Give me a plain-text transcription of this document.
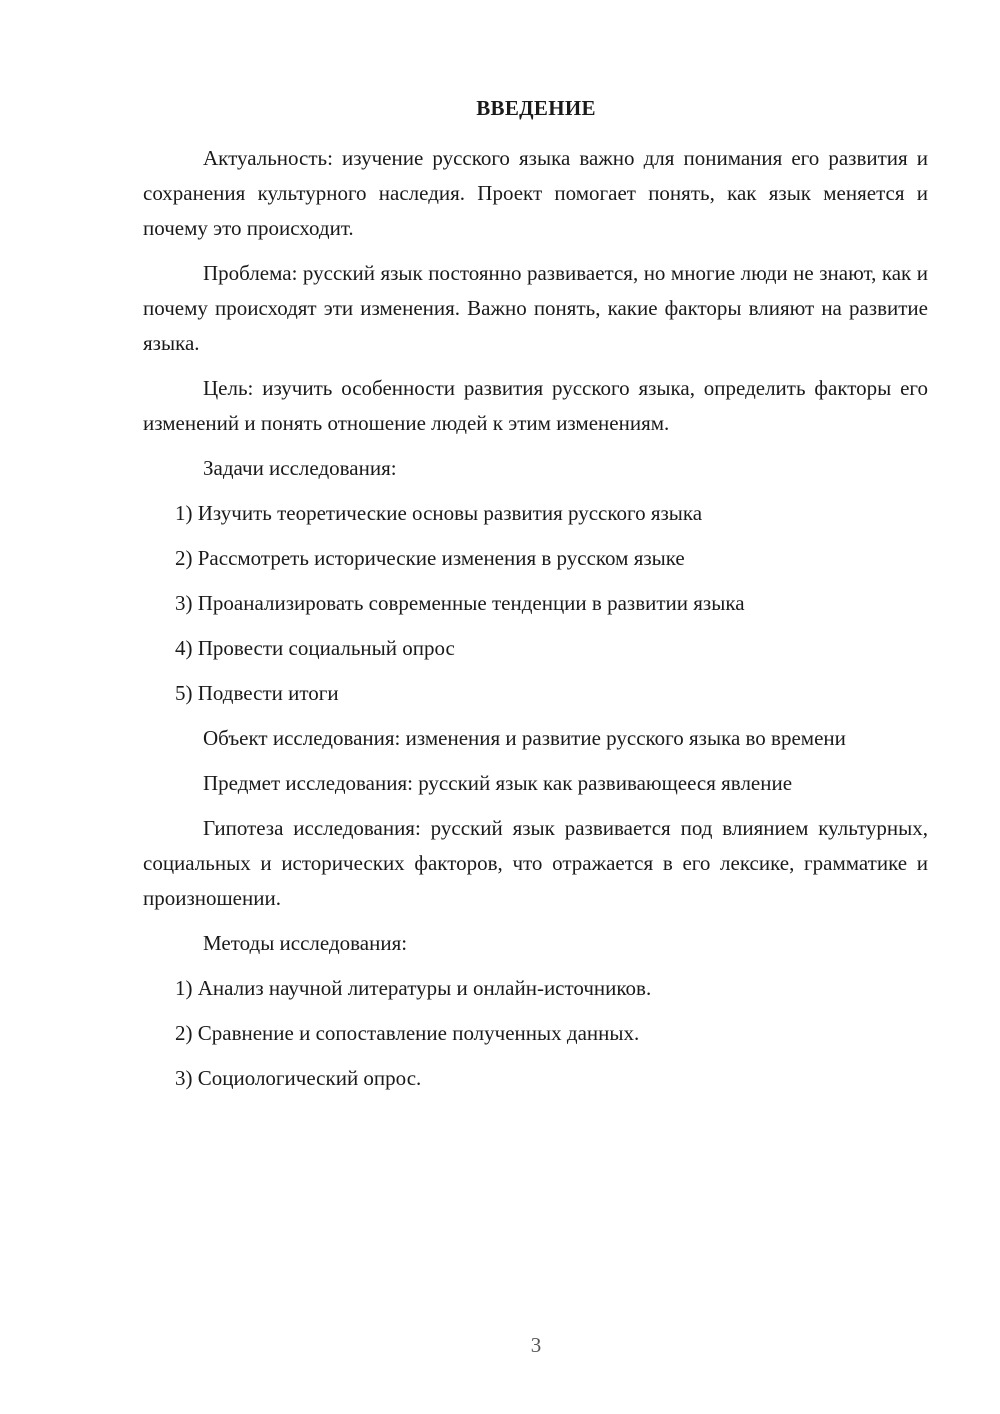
ВВЕДЕНИЕ

Актуальность: изучение русского языка важно для понимания его развития и сохранения культурного наследия. Проект помогает понять, как язык меняется и почему это происходит.

Проблема: русский язык постоянно развивается, но многие люди не знают, как и почему происходят эти изменения. Важно понять, какие факторы влияют на развитие языка.

Цель: изучить особенности развития русского языка, определить факторы его изменений и понять отношение людей к этим изменениям.

Задачи исследования:

1) Изучить теоретические основы развития русского языка

2) Рассмотреть исторические изменения в русском языке

3) Проанализировать современные тенденции в развитии языка

4) Провести социальный опрос

5) Подвести итоги

Объект исследования: изменения и развитие русского языка во времени

Предмет исследования: русский язык как развивающееся явление

Гипотеза исследования: русский язык развивается под влиянием культурных, социальных и исторических факторов, что отражается в его лексике, грамматике и произношении.

Методы исследования:

1) Анализ научной литературы и онлайн-источников.

2) Сравнение и сопоставление полученных данных.

3) Социологический опрос.

3
